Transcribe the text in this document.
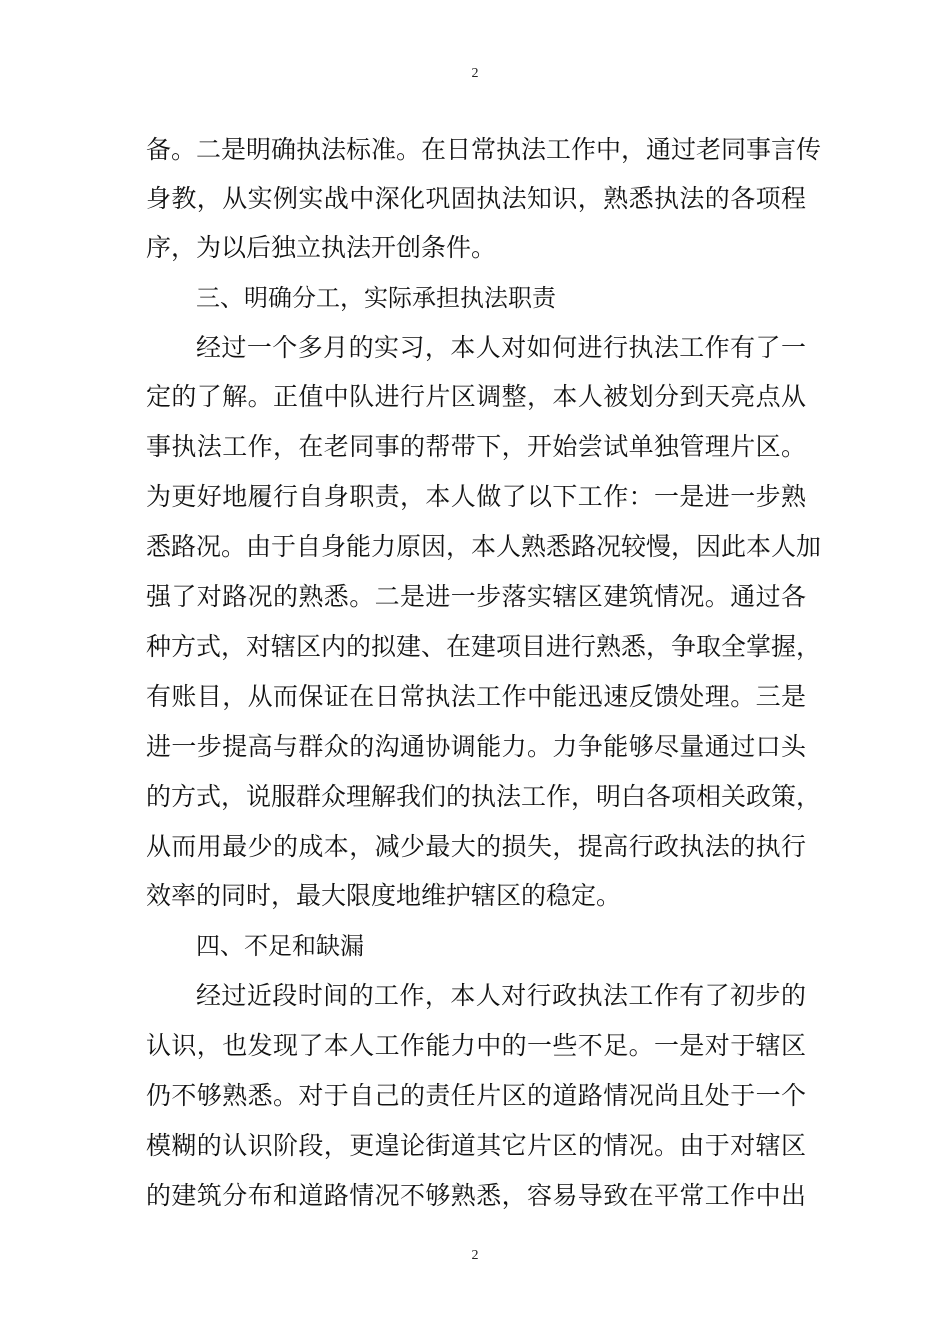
2
备。二是明确执法标准。在日常执法工作中，通过老同事言传
身教，从实例实战中深化巩固执法知识，熟悉执法的各项程
序，为以后独立执法开创条件。
三、明确分工，实际承担执法职责
经过一个多月的实习，本人对如何进行执法工作有了一
定的了解。正值中队进行片区调整，本人被划分到天亮点从
事执法工作，在老同事的帮带下，开始尝试单独管理片区。
为更好地履行自身职责，本人做了以下工作：一是进一步熟
悉路况。由于自身能力原因，本人熟悉路况较慢，因此本人加
强了对路况的熟悉。二是进一步落实辖区建筑情况。通过各
种方式，对辖区内的拟建、在建项目进行熟悉，争取全掌握，
有账目，从而保证在日常执法工作中能迅速反馈处理。三是
进一步提高与群众的沟通协调能力。力争能够尽量通过口头
的方式，说服群众理解我们的执法工作，明白各项相关政策，
从而用最少的成本，减少最大的损失，提高行政执法的执行
效率的同时，最大限度地维护辖区的稳定。
四、不足和缺漏
经过近段时间的工作，本人对行政执法工作有了初步的
认识，也发现了本人工作能力中的一些不足。一是对于辖区
仍不够熟悉。对于自己的责任片区的道路情况尚且处于一个
模糊的认识阶段，更遑论街道其它片区的情况。由于对辖区
的建筑分布和道路情况不够熟悉，容易导致在平常工作中出
2
